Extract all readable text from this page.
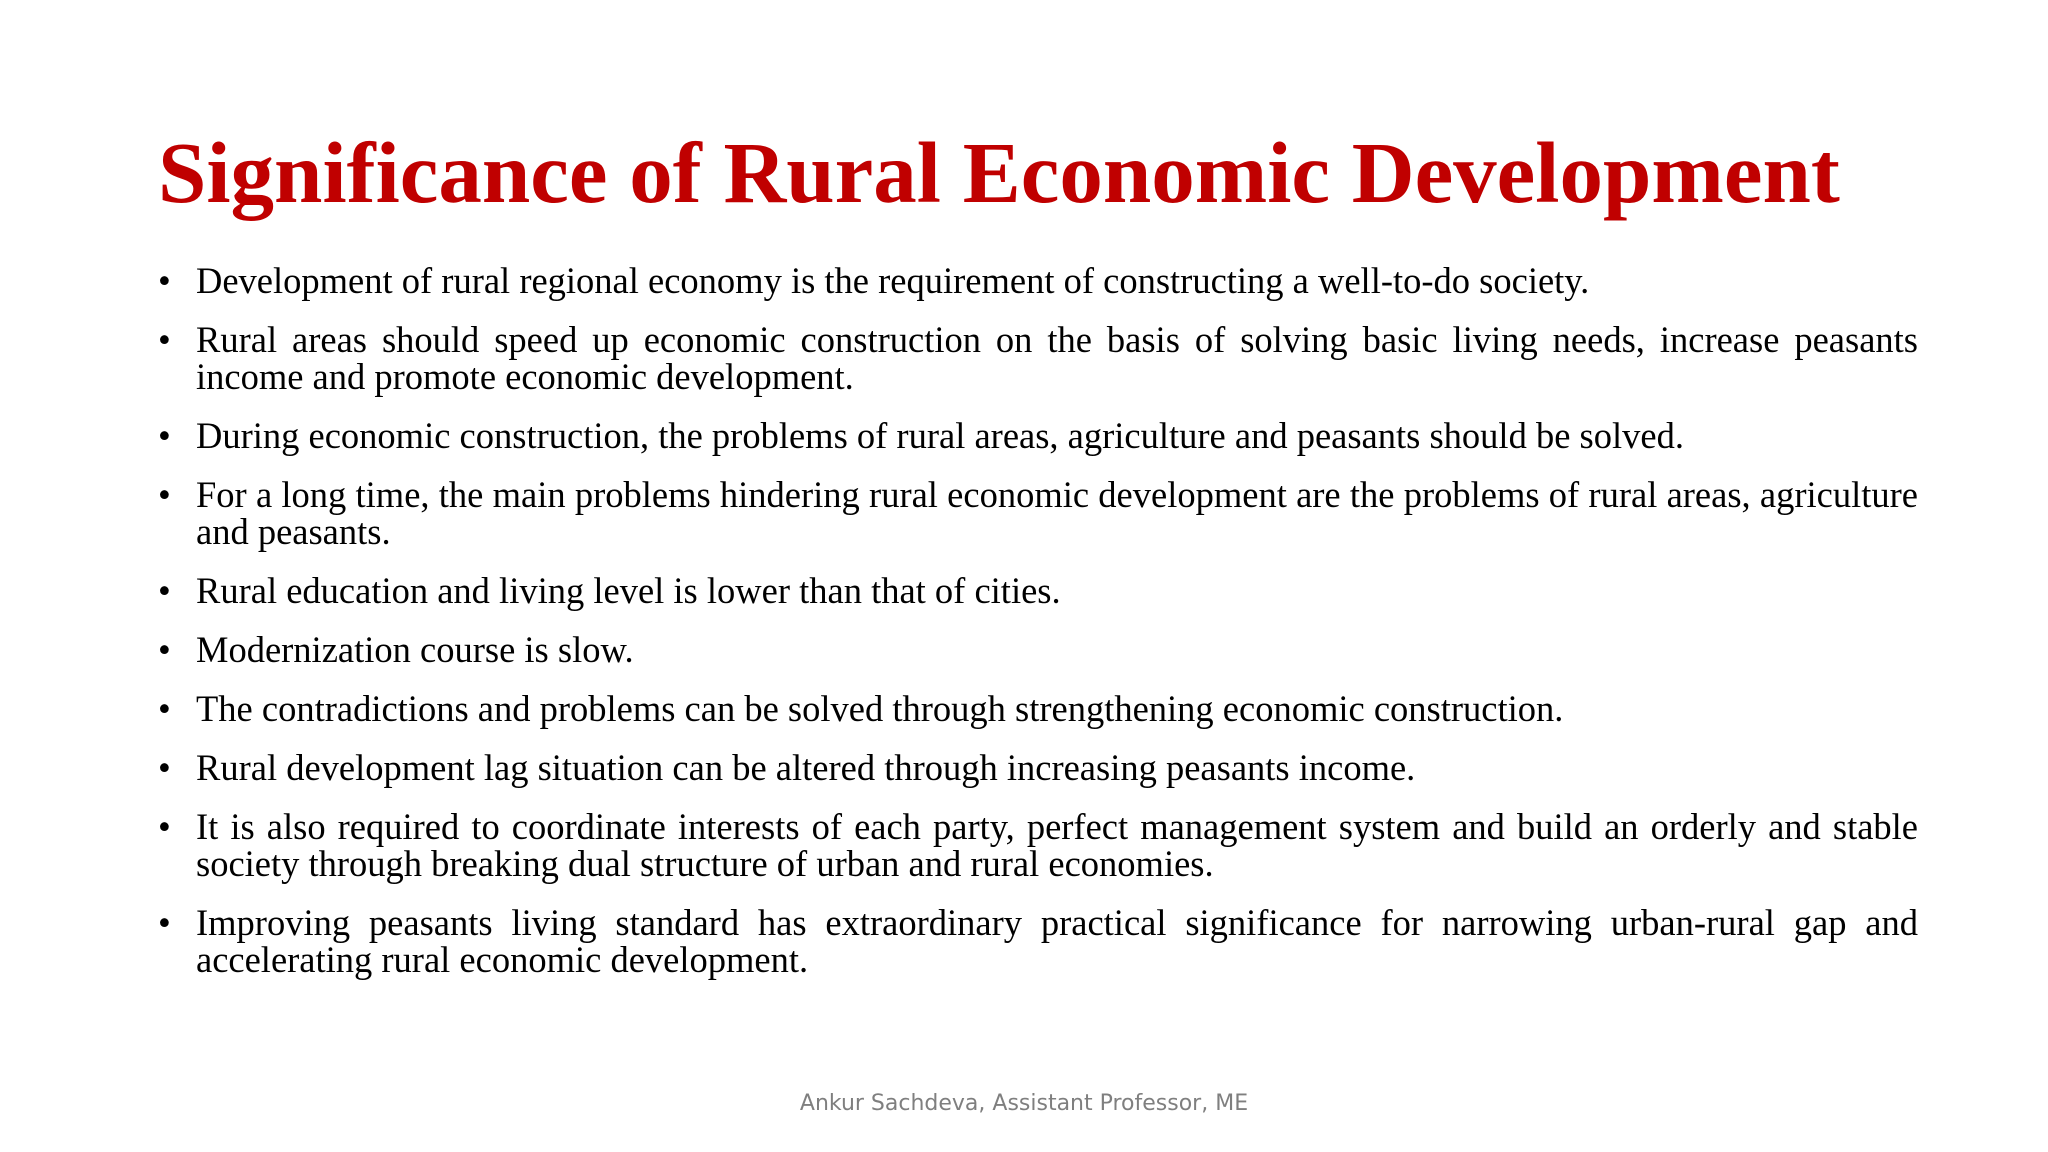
Significance of Rural Economic Development
• Development of rural regional economy is the requirement of constructing a well-to-do society.
• Rural areas should speed up economic construction on the basis of solving basic living needs, increase peasants income and promote economic development.
• During economic construction, the problems of rural areas, agriculture and peasants should be solved.
• For a long time, the main problems hindering rural economic development are the problems of rural areas, agriculture and peasants.
• Rural education and living level is lower than that of cities.
• Modernization course is slow.
• The contradictions and problems can be solved through strengthening economic construction.
• Rural development lag situation can be altered through increasing peasants income.
• It is also required to coordinate interests of each party, perfect management system and build an orderly and stable society through breaking dual structure of urban and rural economies.
• Improving peasants living standard has extraordinary practical significance for narrowing urban-rural gap and accelerating rural economic development.
Ankur Sachdeva, Assistant Professor, ME
